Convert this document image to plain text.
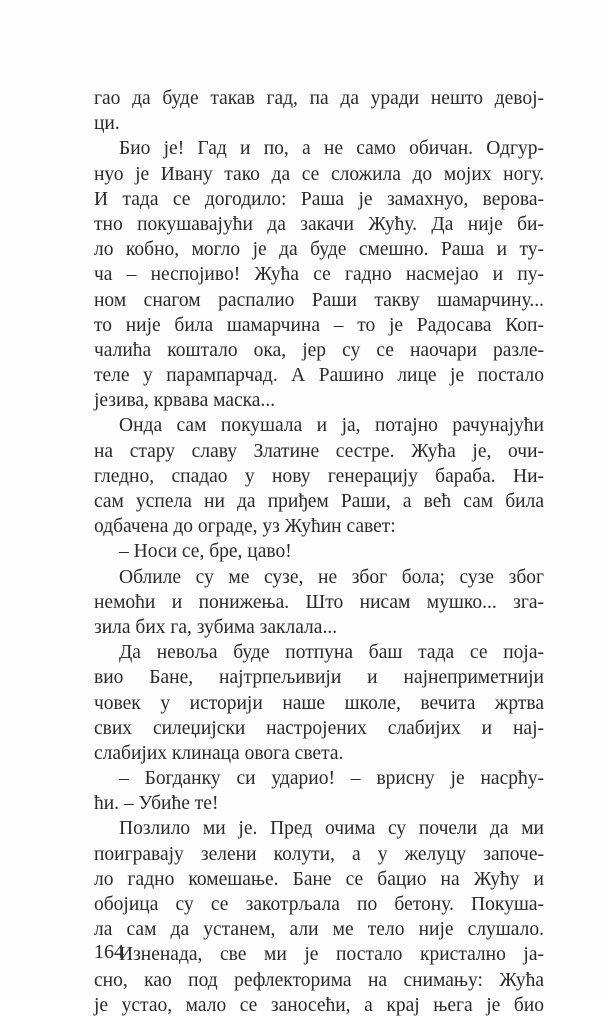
гао да буде такав гад, па да уради нешто девој-
ци.
Био је! Гад и по, а не само обичан. Одгур-
нуо је Ивану тако да се сложила до мојих ногу.
И тада се догодило: Раша је замахнуо, верова-
тно покушавајући да закачи Жућу. Да није би-
ло кобно, могло је да буде смешно. Раша и ту-
ча – неспојиво! Жућа се гадно насмејао и пу-
ном снагом распалио Раши такву шамарчину...
то није била шамарчина – то је Радосава Коп-
чалића коштало ока, јер су се наочари разле-
теле у парампарчад. А Рашино лице је постало
језива, крвава маска...
Онда сам покушала и ја, потајно рачунајући
на стару славу Златине сестре. Жућа је, очи-
гледно, спадао у нову генерацију бараба. Ни-
сам успела ни да приђем Раши, а већ сам била
одбачена до ограде, уз Жућин савет:
– Носи се, бре, цаво!
Облиле су ме сузе, не због бола; сузе због
немоћи и понижења. Што нисам мушко... зга-
зила бих га, зубима заклала...
Да невоља буде потпуна баш тада се поја-
вио Бане, најтрпељивији и најнеприметнији
човек у историји наше школе, вечита жртва
свих силеџијски настројених слабијих и нај-
слабијих клинаца овога света.
– Богданку си ударио! – врисну је насрћу-
ћи. – Убиће те!
Позлило ми је. Пред очима су почели да ми
поигравају зелени колути, а у желуцу започе-
ло гадно комешање. Бане се бацио на Жућу и
обојица су се закотрљала по бетону. Покуша-
ла сам да устанем, али ме тело није слушало.
Изненада, све ми је постало кристално ја-
сно, као под рефлекторима на снимању: Жућа
је устао, мало се заносећи, а крај њега је био
164
